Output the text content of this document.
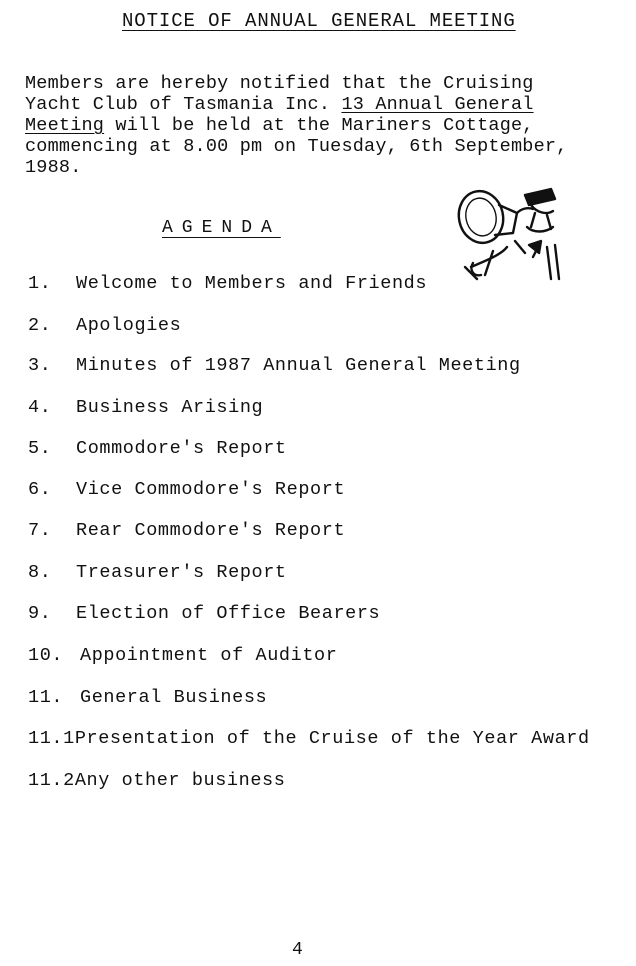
NOTICE OF ANNUAL GENERAL MEETING
Members are hereby notified that the Cruising
Yacht Club of Tasmania Inc. 13 Annual General
Meeting will be held at the Mariners Cottage,
commencing at 8.00 pm on Tuesday, 6th September,
1988.
AGENDA
1.	Welcome to Members and Friends
2.	Apologies
3.	Minutes of 1987 Annual General Meeting
4.	Business Arising
5.	Commodore's Report
6.	Vice Commodore's Report
7.	Rear Commodore's Report
8.	Treasurer's Report
9.	Election of Office Bearers
10. Appointment of Auditor
11. General Business
11.1 Presentation of the Cruise of the Year Award
11.2 Any other business
4
